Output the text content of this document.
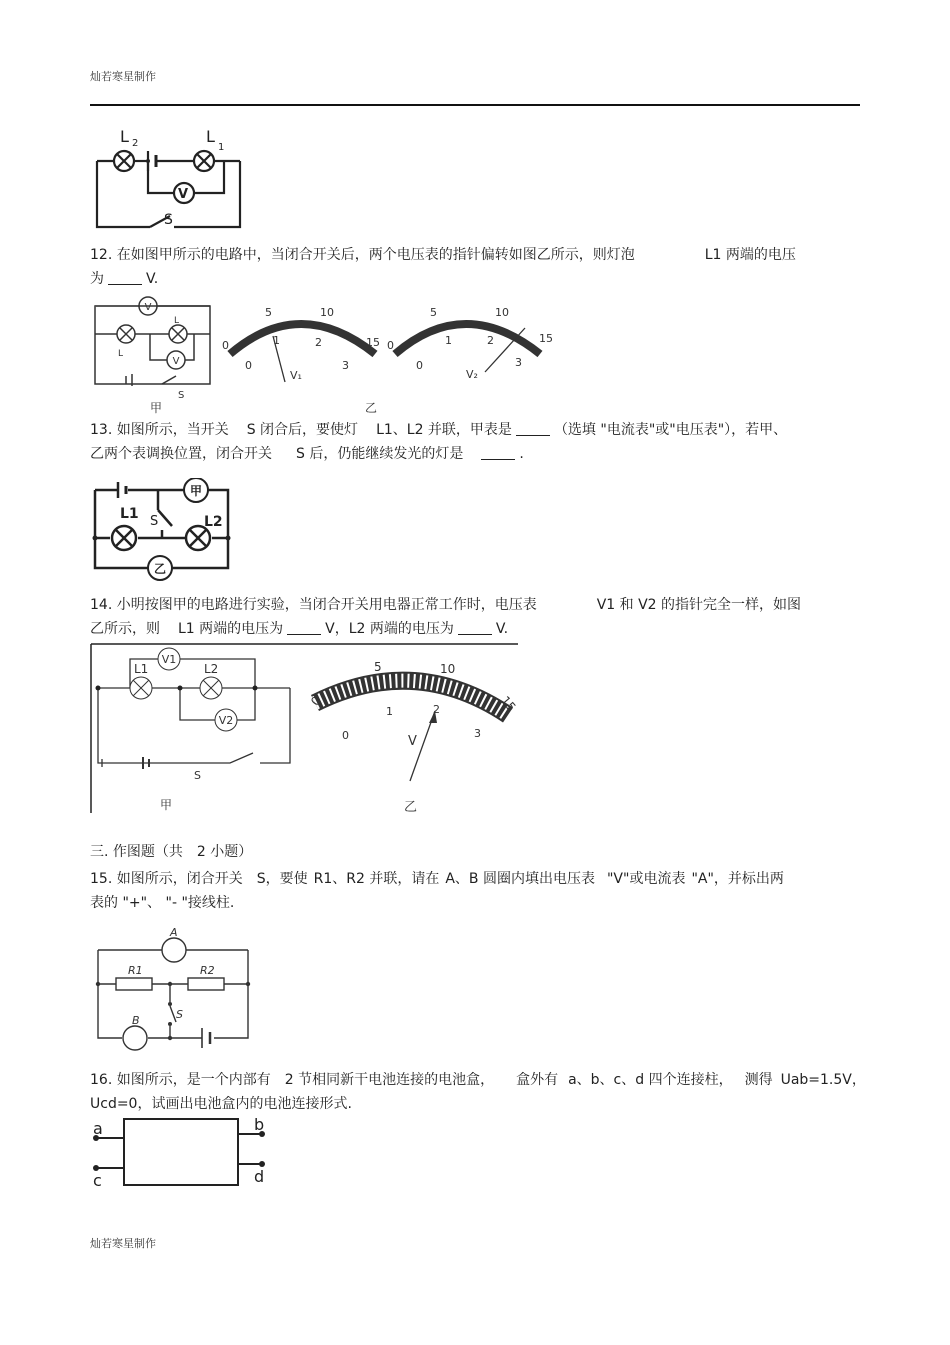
灿若寒星制作
V
L 2	L
1
S
12. 在如图甲所示的电路中，当闭合开关后，两个电压表的指针偏转如图乙所示，则灯泡	L1 两端的电压
为	V.
V
V
L
L
S
甲	乙
0
5	10
15
0
1	2
3
V₁
0
5	10
15
0
1	2
3
V₂
13. 如图所示，当开关 S 闭合后，要使灯 L1、L2 并联，甲表是	（选填 "电流表"或"电压表"），若甲、
乙两个表调换位置，闭合开关 S 后，仍能继续发光的灯是	.
甲
乙
L1	L2
S
14. 小明按图甲的电路进行实验，当闭合开关用电器正常工作时，电压表	V1 和 V2 的指针完全一样，如图
乙所示，则 L1 两端的电压为	V，L2 两端的电压为	V.
V1
V2
L1	L2
S
甲	乙
0
5	10
15
0
1	2
3
V
三. 作图题（共　2 小题）
15. 如图所示，闭合开关 S，要使 R1、R2 并联，请在 A、B 圆圈内填出电压表 "V"或电流表 "A"，并标出两
表的 "+"、 "- "接线柱.
A
B
R1	R2
S
16. 如图所示，是一个内部有 2 节相同新干电池连接的电池盒， 盒外有 a、b、c、d 四个连接柱， 测得 Uab=1.5V，
Ucd=0，试画出电池盒内的电池连接形式.
a
c
b
d
灿若寒星制作
